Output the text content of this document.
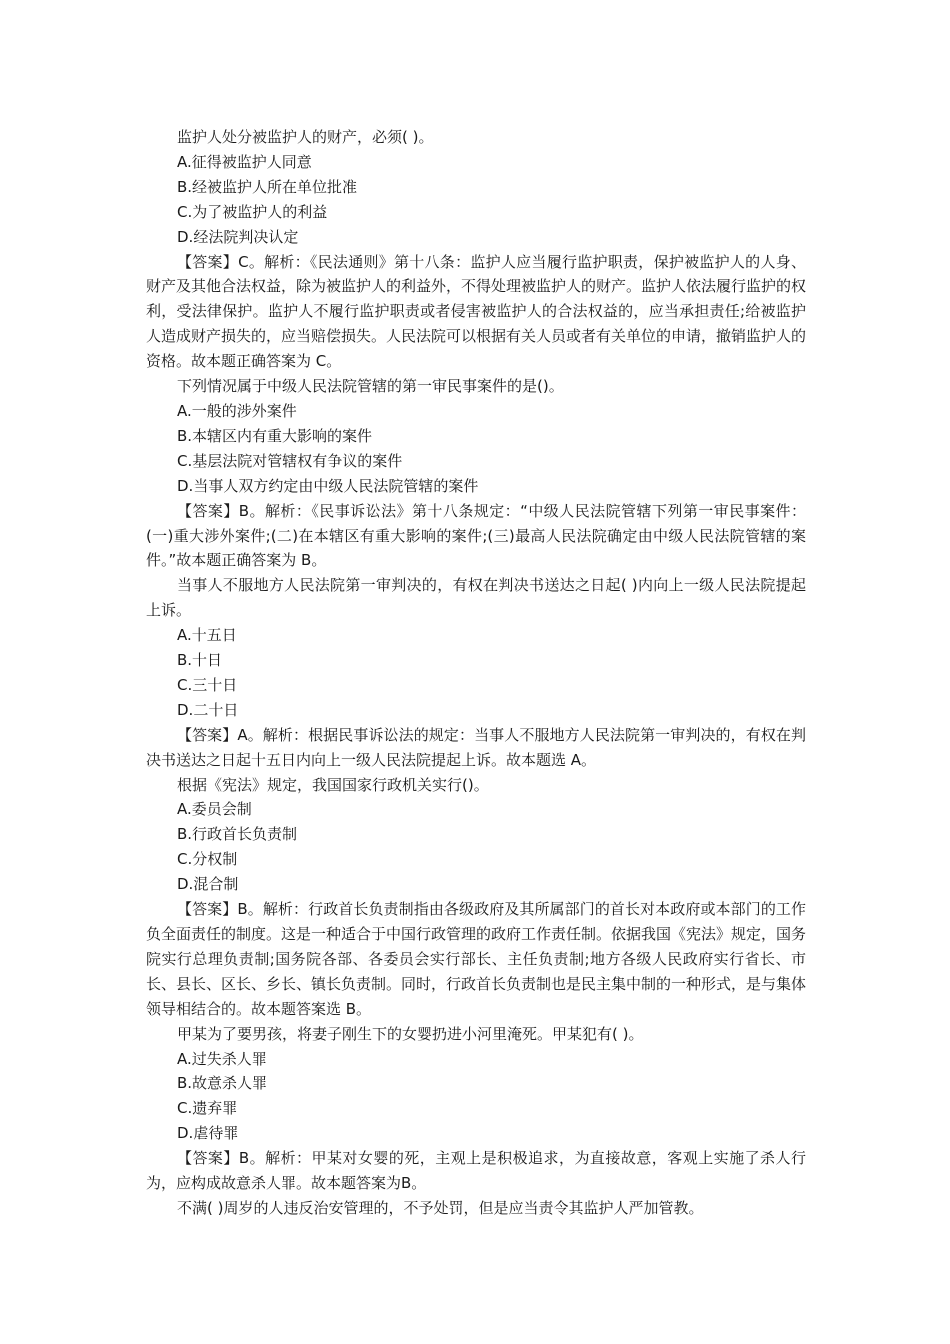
监护人处分被监护人的财产，必须( )。

A.征得被监护人同意

B.经被监护人所在单位批准

C.为了被监护人的利益

D.经法院判决认定

【答案】C。解析：《民法通则》第十八条：监护人应当履行监护职责，保护被监护人的人身、财产及其他合法权益，除为被监护人的利益外，不得处理被监护人的财产。监护人依法履行监护的权利，受法律保护。监护人不履行监护职责或者侵害被监护人的合法权益的，应当承担责任;给被监护人造成财产损失的，应当赔偿损失。人民法院可以根据有关人员或者有关单位的申请，撤销监护人的资格。故本题正确答案为 C。

下列情况属于中级人民法院管辖的第一审民事案件的是()。

A.一般的涉外案件

B.本辖区内有重大影响的案件

C.基层法院对管辖权有争议的案件

D.当事人双方约定由中级人民法院管辖的案件

【答案】B。解析：《民事诉讼法》第十八条规定：“中级人民法院管辖下列第一审民事案件：(一)重大涉外案件;(二)在本辖区有重大影响的案件;(三)最高人民法院确定由中级人民法院管辖的案件。”故本题正确答案为 B。

当事人不服地方人民法院第一审判决的，有权在判决书送达之日起( )内向上一级人民法院提起上诉。

A.十五日

B.十日

C.三十日

D.二十日

【答案】A。解析：根据民事诉讼法的规定：当事人不服地方人民法院第一审判决的，有权在判决书送达之日起十五日内向上一级人民法院提起上诉。故本题选 A。

根据《宪法》规定，我国国家行政机关实行()。

A.委员会制

B.行政首长负责制

C.分权制

D.混合制

【答案】B。解析：行政首长负责制指由各级政府及其所属部门的首长对本政府或本部门的工作负全面责任的制度。这是一种适合于中国行政管理的政府工作责任制。依据我国《宪法》规定，国务院实行总理负责制;国务院各部、各委员会实行部长、主任负责制;地方各级人民政府实行省长、市长、县长、区长、乡长、镇长负责制。同时，行政首长负责制也是民主集中制的一种形式，是与集体领导相结合的。故本题答案选 B。

甲某为了要男孩，将妻子刚生下的女婴扔进小河里淹死。甲某犯有( )。

A.过失杀人罪

B.故意杀人罪

C.遗弃罪

D.虐待罪

【答案】B。解析：甲某对女婴的死，主观上是积极追求，为直接故意，客观上实施了杀人行为，应构成故意杀人罪。故本题答案为B。

不满( )周岁的人违反治安管理的，不予处罚，但是应当责令其监护人严加管教。
